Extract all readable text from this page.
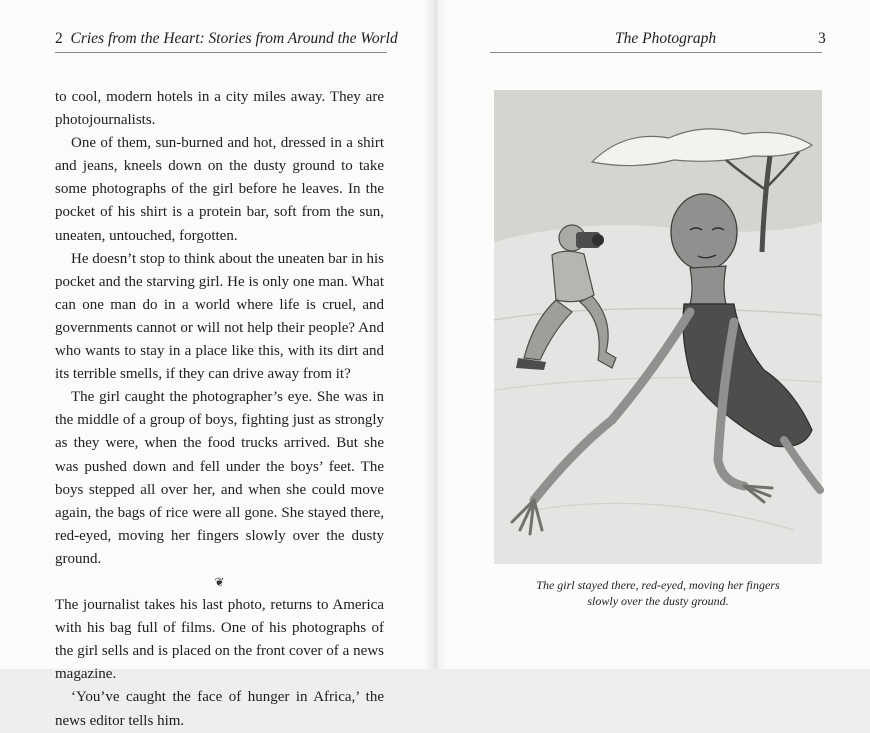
2 Cries from the Heart: Stories from Around the World

to cool, modern hotels in a city miles away. They are photojournalists.

One of them, sun-burned and hot, dressed in a shirt and jeans, kneels down on the dusty ground to take some photographs of the girl before he leaves. In the pocket of his shirt is a protein bar, soft from the sun, uneaten, untouched, forgotten.

He doesn’t stop to think about the uneaten bar in his pocket and the starving girl. He is only one man. What can one man do in a world where life is cruel, and governments cannot or will not help their people? And who wants to stay in a place like this, with its dirt and its terrible smells, if they can drive away from it?

The girl caught the photographer’s eye. She was in the middle of a group of boys, fighting just as strongly as they were, when the food trucks arrived. But she was pushed down and fell under the boys’ feet. The boys stepped all over her, and when she could move again, the bags of rice were all gone. She stayed there, red-eyed, moving her fingers slowly over the dusty ground.

❦

The journalist takes his last photo, returns to America with his bag full of films. One of his photographs of the girl sells and is placed on the front cover of a news magazine.

‘You’ve caught the face of hunger in Africa,’ the news editor tells him.

The Photograph	3
The girl stayed there, red-eyed, moving her fingers
slowly over the dusty ground.
